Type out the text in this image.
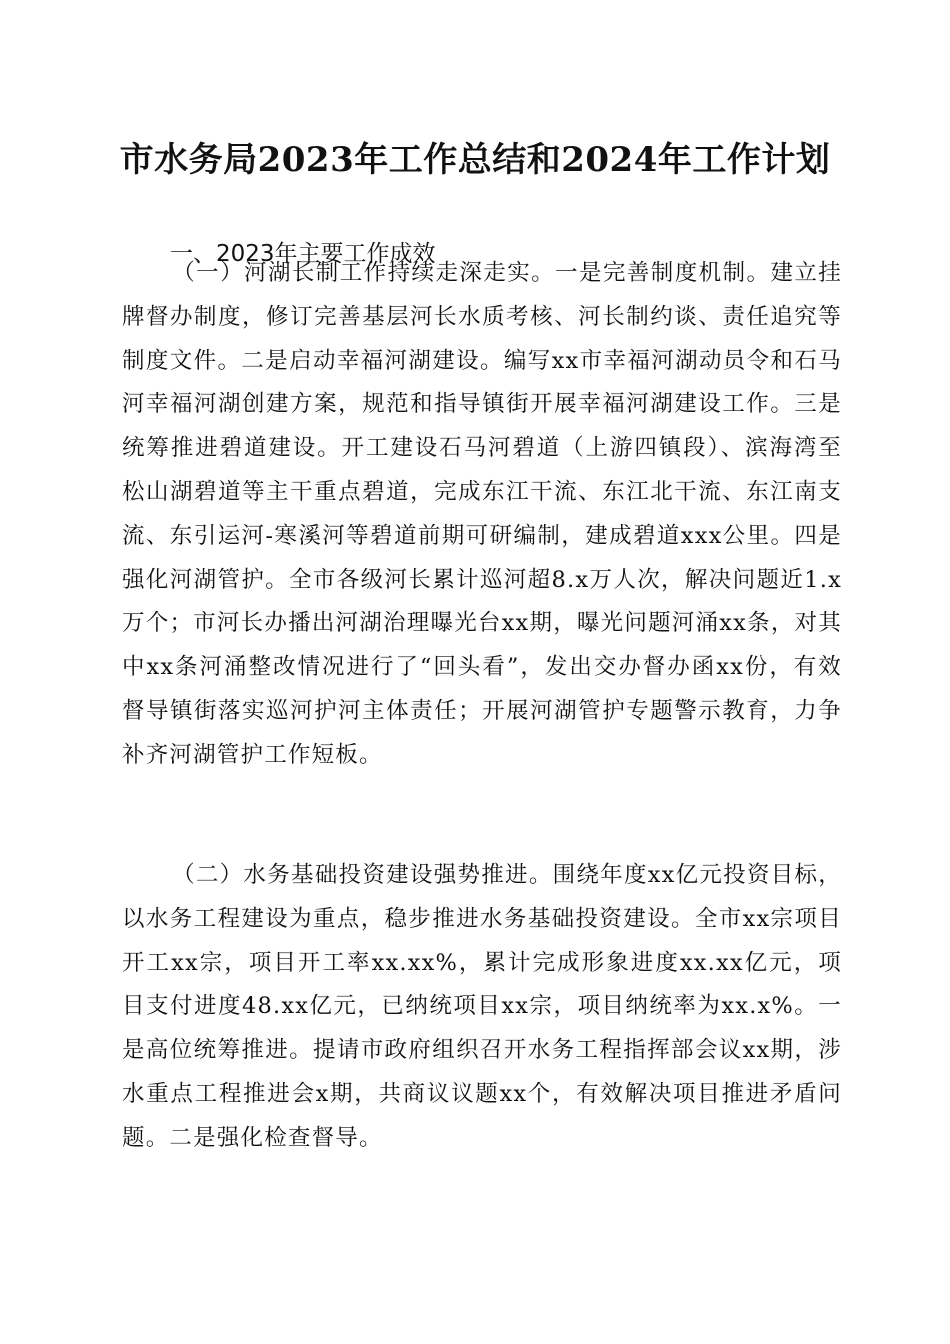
市水务局2023年工作总结和2024年工作计划
一、2023年主要工作成效
（一）河湖长制工作持续走深走实。一是完善制度机制。建立挂牌督办制度，修订完善基层河长水质考核、河长制约谈、责任追究等制度文件。二是启动幸福河湖建设。编写xx市幸福河湖动员令和石马河幸福河湖创建方案，规范和指导镇街开展幸福河湖建设工作。三是统筹推进碧道建设。开工建设石马河碧道（上游四镇段）、滨海湾至松山湖碧道等主干重点碧道，完成东江干流、东江北干流、东江南支流、东引运河-寒溪河等碧道前期可研编制，建成碧道xxx公里。四是强化河湖管护。全市各级河长累计巡河超8.x万人次，解决问题近1.x万个；市河长办播出河湖治理曝光台xx期，曝光问题河涌xx条，对其中xx条河涌整改情况进行了“回头看”，发出交办督办函xx份，有效督导镇街落实巡河护河主体责任；开展河湖管护专题警示教育，力争补齐河湖管护工作短板。
（二）水务基础投资建设强势推进。围绕年度xx亿元投资目标，以水务工程建设为重点，稳步推进水务基础投资建设。全市xx宗项目开工xx宗，项目开工率xx.xx%，累计完成形象进度xx.xx亿元，项目支付进度48.xx亿元，已纳统项目xx宗，项目纳统率为xx.x%。一是高位统筹推进。提请市政府组织召开水务工程指挥部会议xx期，涉水重点工程推进会x期，共商议议题xx个，有效解决项目推进矛盾问题。二是强化检查督导。
